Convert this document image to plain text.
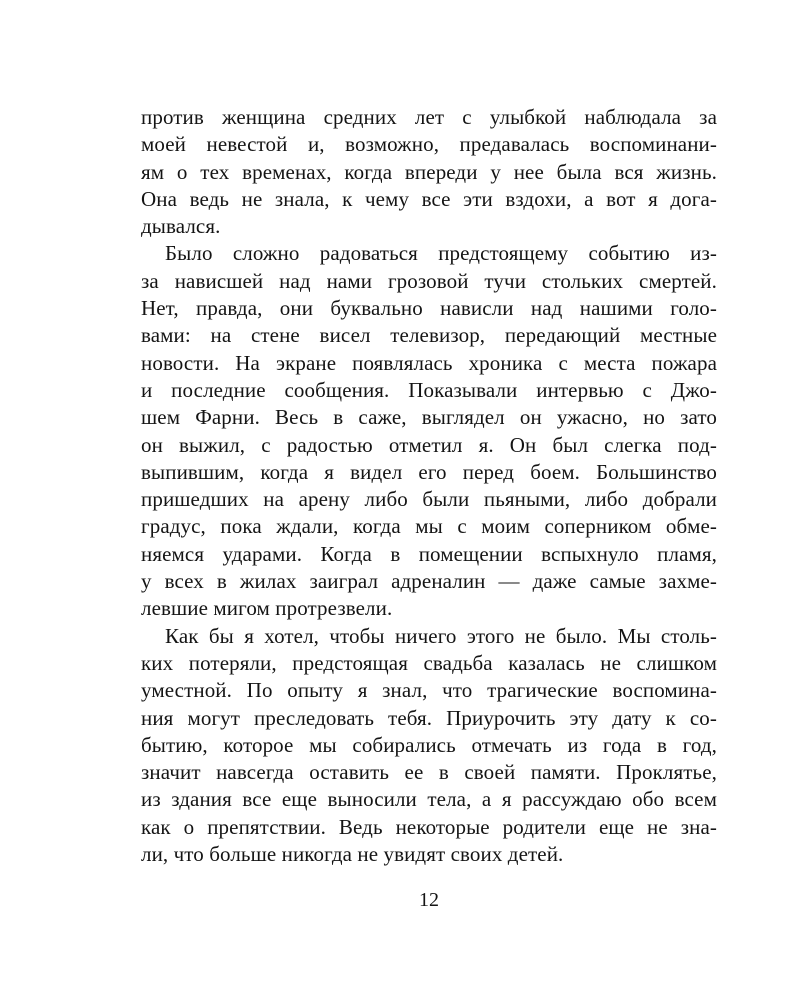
против женщина средних лет с улыбкой наблюдала за
моей невестой и, возможно, предавалась воспоминани-
ям о тех временах, когда впереди у нее была вся жизнь.
Она ведь не знала, к чему все эти вздохи, а вот я дога-
дывался.
Было сложно радоваться предстоящему событию из-
за нависшей над нами грозовой тучи стольких смертей.
Нет, правда, они буквально нависли над нашими голо-
вами: на стене висел телевизор, передающий местные
новости. На экране появлялась хроника с места пожара
и последние сообщения. Показывали интервью с Джо-
шем Фарни. Весь в саже, выглядел он ужасно, но зато
он выжил, с радостью отметил я. Он был слегка под-
выпившим, когда я видел его перед боем. Большинство
пришедших на арену либо были пьяными, либо добрали
градус, пока ждали, когда мы с моим соперником обме-
няемся ударами. Когда в помещении вспыхнуло пламя,
у всех в жилах заиграл адреналин — даже самые захме-
левшие мигом протрезвели.
Как бы я хотел, чтобы ничего этого не было. Мы столь-
ких потеряли, предстоящая свадьба казалась не слишком
уместной. По опыту я знал, что трагические воспомина-
ния могут преследовать тебя. Приурочить эту дату к со-
бытию, которое мы собирались отмечать из года в год,
значит навсегда оставить ее в своей памяти. Проклятье,
из здания все еще выносили тела, а я рассуждаю обо всем
как о препятствии. Ведь некоторые родители еще не зна-
ли, что больше никогда не увидят своих детей.
12
